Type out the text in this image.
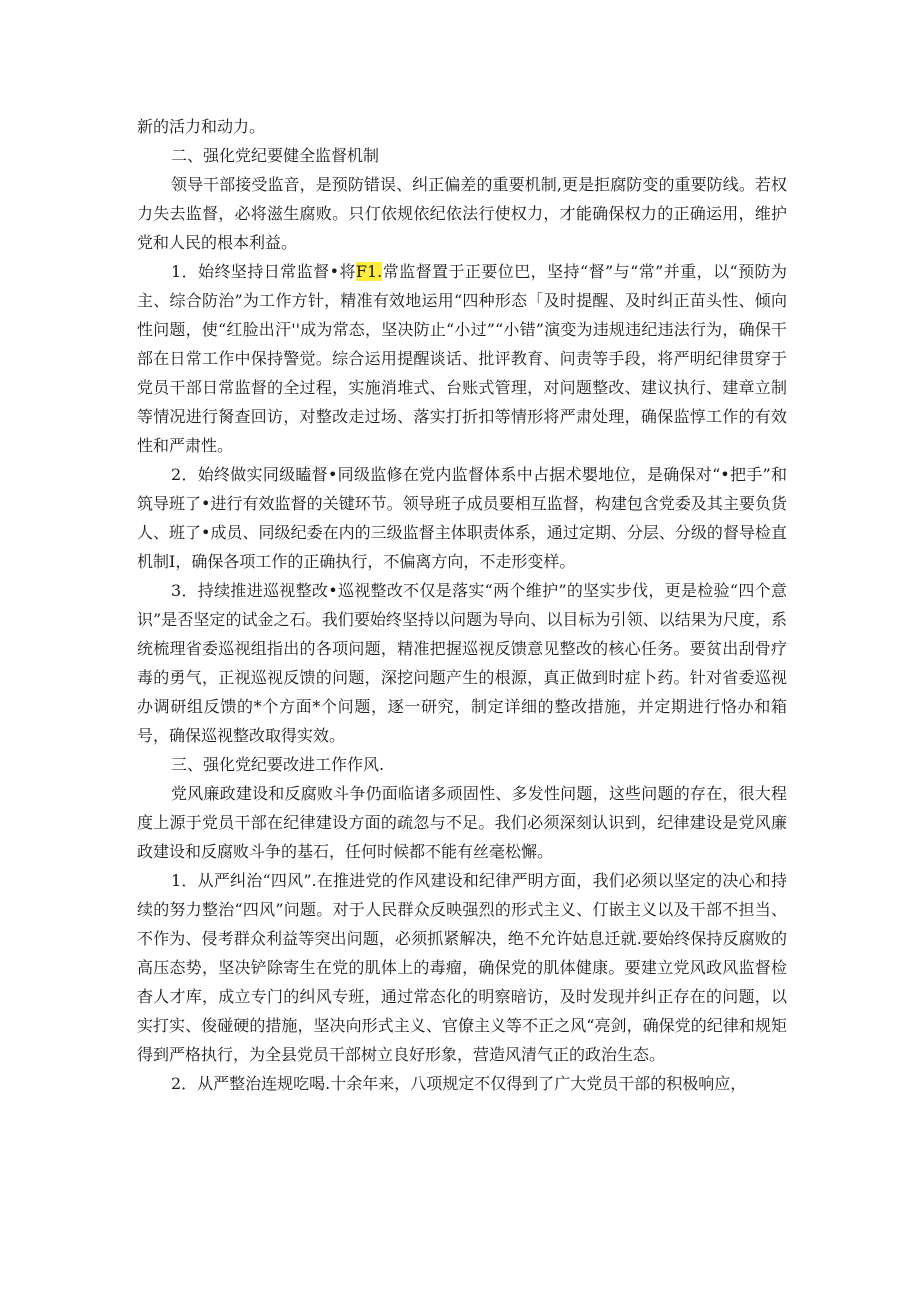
新的活力和动力。

二、强化党纪要健全监督机制

领导干部接受监音，是预防错误、纠正偏差的重要机制,更是拒腐防变的重要防线。若权力失去监督，必将滋生腐败。只仃依规依纪依法行使权力，才能确保权力的正确运用，维护党和人民的根本利益。

1．始终坚持日常监督•将F1.常监督置于正要位巴，坚持“督”与“常”并重，以“预防为主、综合防治”为工作方针，精准有效地运用“四种形态「及时提醒、及时纠正苗头性、倾向性问题，使“红脸出汗''成为常态，坚决防止“小过”“小错”演变为违规违纪违法行为，确保干部在日常工作中保持警觉。综合运用提醒谈话、批评教育、问责等手段，将严明纪律贯穿于党员干部日常监督的全过程，实施消堆式、台账式管理，对问题整改、建议执行、建章立制等情况进行胬查回访，对整改走过场、落实打折扣等情形将严肃处理，确保监惇工作的有效性和严肃性。

2．始终做实同级瞌督•同级监修在党内监督体系中占据术嬰地位，是确保对“•把手”和筑导班了•进行有效监督的关键环节。领导班子成员要相互监督，构建包含党委及其主要负货人、班了•成员、同级纪委在内的三级监督主体职责体系，通过定期、分层、分级的督导检直机制I，确保各项工作的正确执行，不偏离方向，不走形变样。

3．持续推进巡视整改•巡视整改不仅是落实“两个维护”的坚实步伐，更是检验“四个意识”是否坚定的试金之石。我们要始终坚持以问题为导向、以目标为引领、以结果为尺度，系统梳理省委巡视组指出的各项问题，精准把握巡视反馈意见整改的核心任务。要贫出刮骨疗毒的勇气，正视巡视反馈的问题，深挖问题产生的根源，真正做到时症卜药。针对省委巡视办调研组反馈的*个方面*个问题，逐一研究，制定详细的整改措施，并定期进行恪办和箱号，确保巡视整改取得实效。

三、强化党纪要改进工作作风.

党风廉政建设和反腐败斗争仍面临诸多顽固性、多发性问题，这些问题的存在，很大程度上源于党员干部在纪律建设方面的疏忽与不足。我们必须深刻认识到，纪律建设是党风廉政建设和反腐败斗争的基石，任何时候都不能有丝毫松懈。

1．从严纠治“四风”.在推进党的作风建设和纪律严明方面，我们必须以坚定的决心和持续的努力整治“四风”问题。对于人民群众反映强烈的形式主义、仃嵌主义以及干部不担当、不作为、侵考群众利益等突出问题，必须抓紧解决，绝不允许姑息迁就.要始终保持反腐败的高压态势，坚决铲除寄生在党的肌体上的毒瘤，确保党的肌体健康。要建立党风政风监督检杳人才库，成立专门的纠风专班，通过常态化的明察暗访，及时发现并纠正存在的问题，以实打实、俊碰硬的措施，坚决向形式主义、官僚主义等不正之风“亮剑，确保党的纪律和规矩得到严格执行，为全县党员干部树立良好形象，营造风清气正的政治生态。

2．从严整治连规吃喝.十余年来，八项规定不仅得到了广大党员干部的积极响应，
